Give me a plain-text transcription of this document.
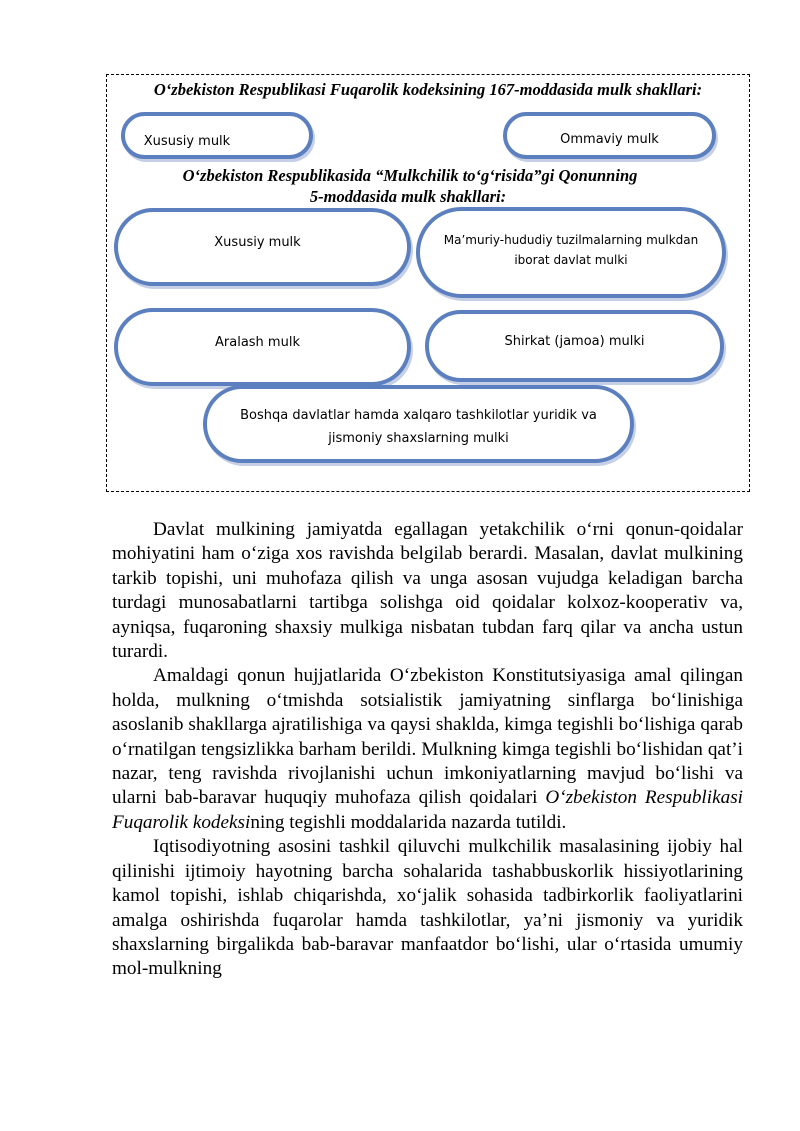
O‘zbekiston Respublikasi Fuqarolik kodeksining 167-moddasida mulk shakllari:
Xususiy mulk	Ommaviy mulk
O‘zbekiston Respublikasida “Mulkchilik to‘g‘risida”gi Qonunning
5-moddasida mulk shakllari:
Xususiy mulk	Ma’muriy-hududiy tuzilmalarning mulkdan
iborat davlat mulki
Aralash mulk	Shirkat (jamoa) mulki
Boshqa davlatlar hamda xalqaro tashkilotlar yuridik va
jismoniy shaxslarning mulki

Davlat mulkining jamiyatda egallagan yetakchilik o‘rni qonun-qoidalar mohiyatini ham o‘ziga xos ravishda belgilab berardi. Masalan, davlat mulkining tarkib topishi, uni muhofaza qilish va unga asosan vujudga keladigan barcha turdagi munosabatlarni tartibga solishga oid qoidalar kolxoz-kooperativ va, ayniqsa, fuqaroning shaxsiy mulkiga nisbatan tubdan farq qilar va ancha ustun turardi.

Amaldagi qonun hujjatlarida O‘zbekiston Konstitutsiyasiga amal qilingan holda, mulkning o‘tmishda sotsialistik jamiyatning sinflarga bo‘linishiga asoslanib shakllarga ajratilishiga va qaysi shaklda, kimga tegishli bo‘lishiga qarab o‘rnatilgan tengsizlikka barham berildi. Mulkning kimga tegishli bo‘lishidan qat’i nazar, teng ravishda rivojlanishi uchun imkoniyatlarning mavjud bo‘lishi va ularni bab-baravar huquqiy muhofaza qilish qoidalari O‘zbekiston Respublikasi Fuqarolik kodeksining tegishli moddalarida nazarda tutildi.

Iqtisodiyotning asosini tashkil qiluvchi mulkchilik masalasining ijobiy hal qilinishi ijtimoiy hayotning barcha sohalarida tashabbuskorlik hissiyotlarining kamol topishi, ishlab chiqarishda, xo‘jalik sohasida tadbirkorlik faoliyatlarini amalga oshirishda fuqarolar hamda tashkilotlar, ya’ni jismoniy va yuridik shaxslarning birgalikda bab-baravar manfaatdor bo‘lishi, ular o‘rtasida umumiy mol-mulkning
